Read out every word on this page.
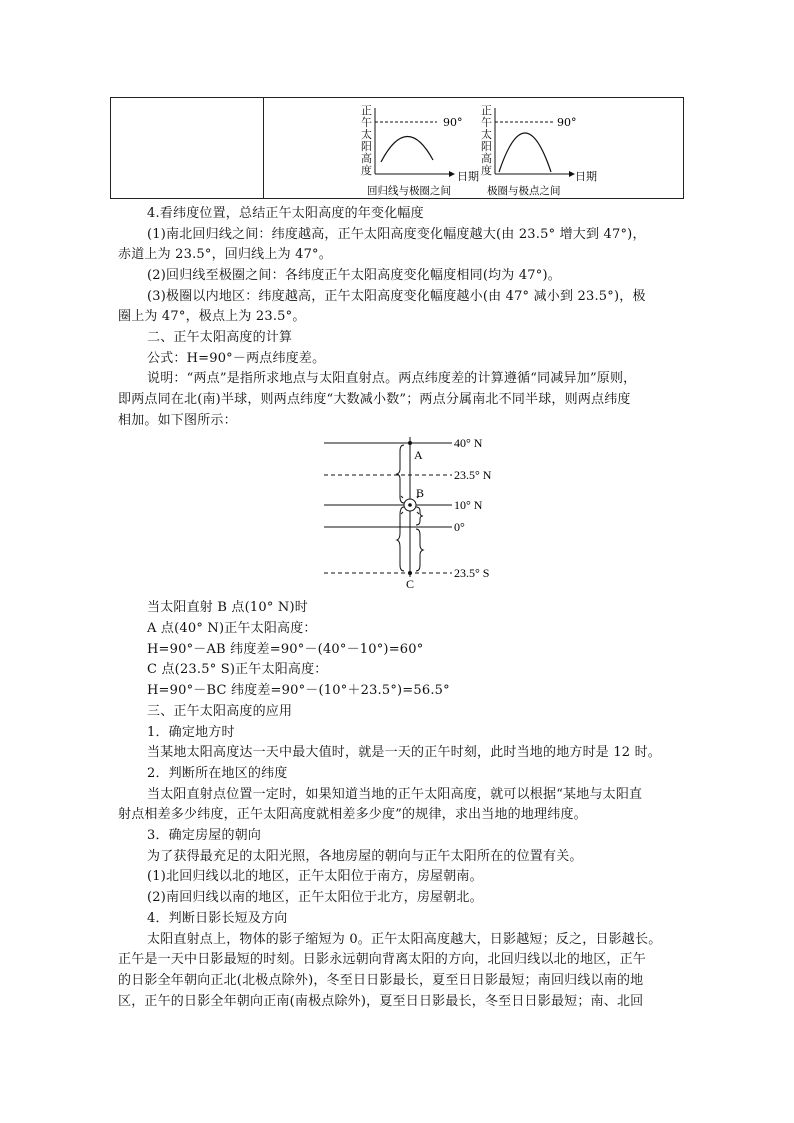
正
午
太
阳
高
度
90°
日期
回归线与极圈之间
正
午
太
阳
高
度
90°
日期
极圈与极点之间
4.看纬度位置，总结正午太阳高度的年变化幅度
(1)南北回归线之间：纬度越高，正午太阳高度变化幅度越大(由 23.5° 增大到 47°)，
赤道上为 23.5°，回归线上为 47°。
(2)回归线至极圈之间：各纬度正午太阳高度变化幅度相同(均为 47°)。
(3)极圈以内地区：纬度越高，正午太阳高度变化幅度越小(由 47° 减小到 23.5°)，极
圈上为 47°，极点上为 23.5°。
二、正午太阳高度的计算
公式：H=90°－两点纬度差。
说明：“两点”是指所求地点与太阳直射点。两点纬度差的计算遵循“同减异加”原则，
即两点同在北(南)半球，则两点纬度“大数减小数”；两点分属南北不同半球，则两点纬度
相加。如下图所示：
A
B
C
40° N
23.5° N
10° N
0°
23.5° S
当太阳直射 B 点(10° N)时
A 点(40° N)正午太阳高度：
H=90°－AB 纬度差=90°－(40°－10°)=60°
C 点(23.5° S)正午太阳高度：
H=90°－BC 纬度差=90°－(10°＋23.5°)=56.5°
三、正午太阳高度的应用
1．确定地方时
当某地太阳高度达一天中最大值时，就是一天的正午时刻，此时当地的地方时是 12 时。
2．判断所在地区的纬度
当太阳直射点位置一定时，如果知道当地的正午太阳高度，就可以根据“某地与太阳直
射点相差多少纬度，正午太阳高度就相差多少度”的规律，求出当地的地理纬度。
3．确定房屋的朝向
为了获得最充足的太阳光照，各地房屋的朝向与正午太阳所在的位置有关。
(1)北回归线以北的地区，正午太阳位于南方，房屋朝南。
(2)南回归线以南的地区，正午太阳位于北方，房屋朝北。
4．判断日影长短及方向
太阳直射点上，物体的影子缩短为 0。正午太阳高度越大，日影越短；反之，日影越长。
正午是一天中日影最短的时刻。日影永远朝向背离太阳的方向，北回归线以北的地区，正午
的日影全年朝向正北(北极点除外)，冬至日日影最长，夏至日日影最短；南回归线以南的地
区，正午的日影全年朝向正南(南极点除外)，夏至日日影最长，冬至日日影最短；南、北回
